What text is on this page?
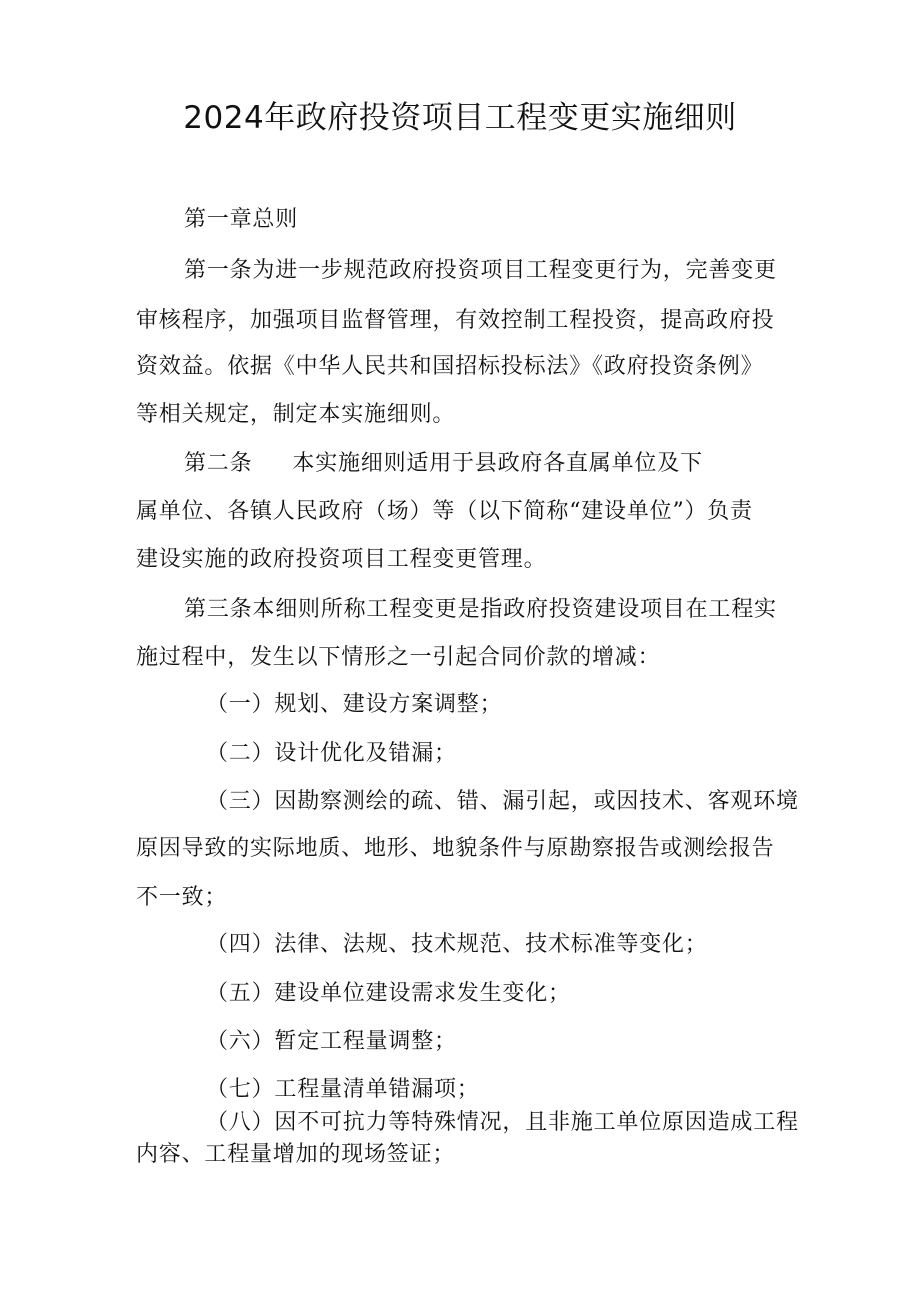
2024年政府投资项目工程变更实施细则
第一章总则
第一条为进一步规范政府投资项目工程变更行为，完善变更
审核程序，加强项目监督管理，有效控制工程投资，提高政府投
资效益。依据《中华人民共和国招标投标法》《政府投资条例》
等相关规定，制定本实施细则。
第二条 本实施细则适用于县政府各直属单位及下
属单位、各镇人民政府（场）等（以下简称“建设单位”）负责
建设实施的政府投资项目工程变更管理。
第三条本细则所称工程变更是指政府投资建设项目在工程实
施过程中，发生以下情形之一引起合同价款的增减：
（一）规划、建设方案调整；
（二）设计优化及错漏；
（三）因勘察测绘的疏、错、漏引起，或因技术、客观环境
原因导致的实际地质、地形、地貌条件与原勘察报告或测绘报告
不一致；
（四）法律、法规、技术规范、技术标准等变化；
（五）建设单位建设需求发生变化；
（六）暂定工程量调整；
（七）工程量清单错漏项；
（八）因不可抗力等特殊情况，且非施工单位原因造成工程
内容、工程量增加的现场签证；
